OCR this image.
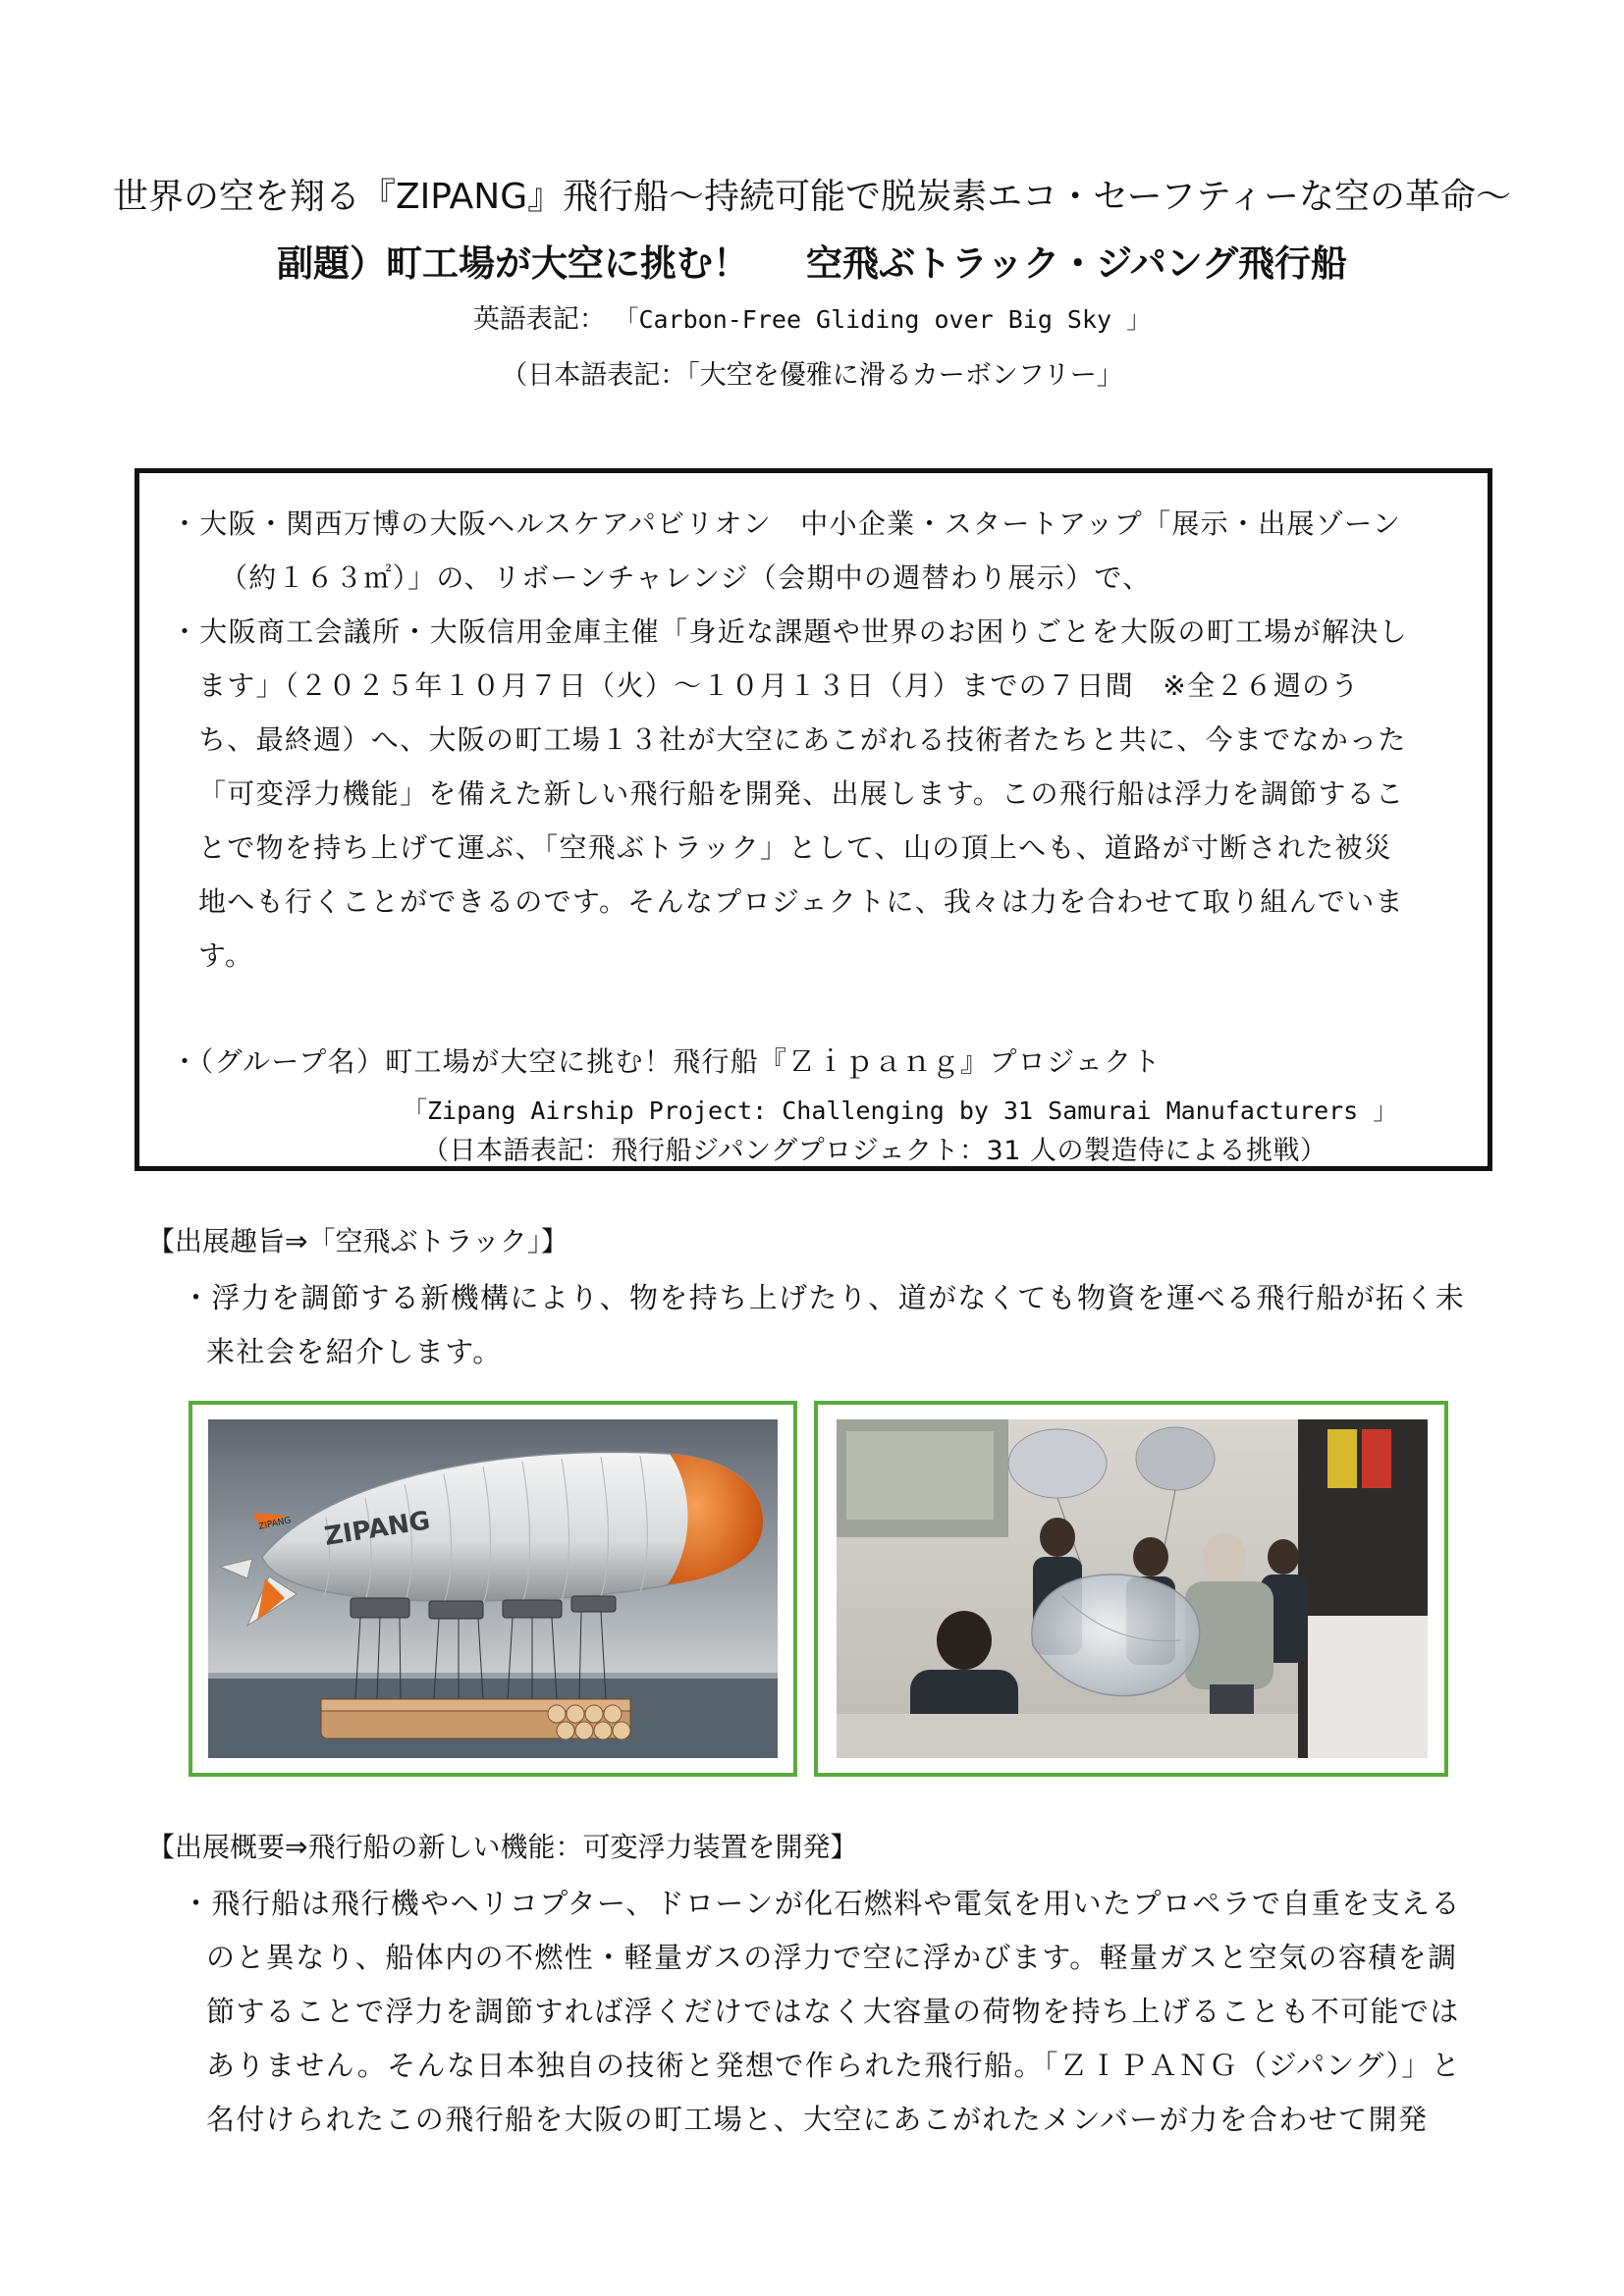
世界の空を翔る『ZIPANG』飛行船～持続可能で脱炭素エコ・セーフティーな空の革命～
副題）町工場が大空に挑む！ 空飛ぶトラック・ジパング飛行船
英語表記： 「Carbon-Free Gliding over Big Sky 」
（日本語表記：「大空を優雅に滑るカーボンフリー」
・大阪・関西万博の大阪ヘルスケアパビリオン　中小企業・スタートアップ「展示・出展ゾーン
（約１６３㎡）」の、リボーンチャレンジ（会期中の週替わり展示）で、
・大阪商工会議所・大阪信用金庫主催「身近な課題や世界のお困りごとを大阪の町工場が解決し
ます」（２０２５年１０月７日（火）～１０月１３日（月）までの７日間　※全２６週のう
ち、最終週）へ、大阪の町工場１３社が大空にあこがれる技術者たちと共に、今までなかった
「可変浮力機能」を備えた新しい飛行船を開発、出展します。この飛行船は浮力を調節するこ
とで物を持ち上げて運ぶ、「空飛ぶトラック」として、山の頂上へも、道路が寸断された被災
地へも行くことができるのです。そんなプロジェクトに、我々は力を合わせて取り組んでいま
す。
・（グループ名）町工場が大空に挑む！飛行船『Ｚｉｐａｎｇ』プロジェクト
「Zipang Airship Project: Challenging by 31 Samurai Manufacturers 」
（日本語表記：飛行船ジパングプロジェクト：31 人の製造侍による挑戦）
【出展趣旨⇒「空飛ぶトラック」】
・浮力を調節する新機構により、物を持ち上げたり、道がなくても物資を運べる飛行船が拓く未
来社会を紹介します。
ZIPANG ZIPANG
【出展概要⇒飛行船の新しい機能：可変浮力装置を開発】
・飛行船は飛行機やヘリコプター、ドローンが化石燃料や電気を用いたプロペラで自重を支える
のと異なり、船体内の不燃性・軽量ガスの浮力で空に浮かびます。軽量ガスと空気の容積を調
節することで浮力を調節すれば浮くだけではなく大容量の荷物を持ち上げることも不可能では
ありません。そんな日本独自の技術と発想で作られた飛行船。「ＺＩＰＡＮＧ（ジパング）」と
名付けられたこの飛行船を大阪の町工場と、大空にあこがれたメンバーが力を合わせて開発
